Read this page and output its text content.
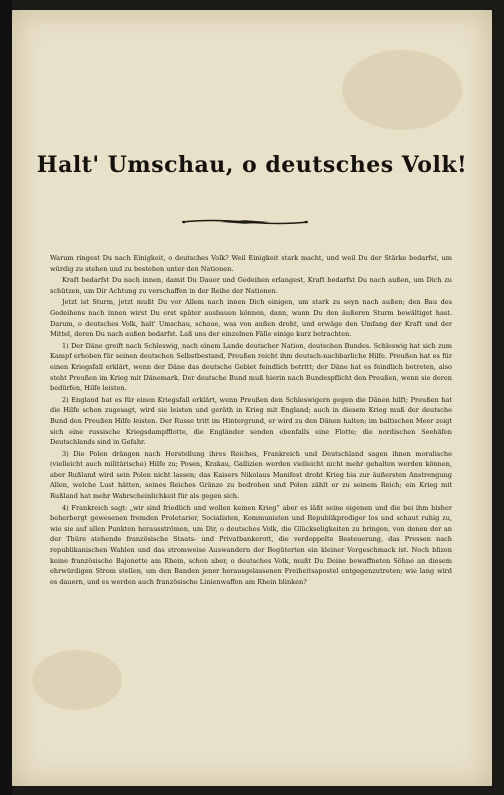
Halt' Umschau, o deutsches Volk!

Warum ringest Du nach Einigkeit, o deutsches Volk? Weil Einigkeit stark macht, und weil Du der Stärke bedarfst, um würdig zu stehen und zu bestehen unter den Nationen.

Kraft bedarfst Du nach innen, damit Du Dauer und Gedeihen erlangest, Kraft bedarfst Du nach außen, um Dich zu schützen, um Dir Achtung zu verschaffen in der Reihe der Nationen.

Jetzt ist Sturm, jetzt mußt Du vor Allem nach innen Dich einigen, um stark zu seyn nach außen; den Bau des Gedeihens nach innen wirst Du erst später ausbauen können, dann, wann Du den äußeren Sturm bewältiget hast. Darum, o deutsches Volk, halt' Umschau, schaue, was von außen droht, und erwäge den Umfang der Kraft und der Mittel, deren Du nach außen bedarfst. Laß uns der einzelnen Fälle einige kurz betrachten.

1) Der Däne greift nach Schleswig, nach einem Lande deutscher Nation, deutschen Bundes. Schleswig hat sich zum Kampf erhoben für seinen deutschen Selbstbestand, Preußen reicht ihm deutsch-nachbarliche Hilfe. Preußen hat es für einen Kriegsfall erklärt, wenn der Däne das deutsche Gebiet feindlich betritt; der Däne hat es feindlich betreten, also steht Preußen im Krieg mit Dänemark. Der deutsche Bund muß hierin nach Bundespflicht den Preußen, wenn sie deren bedürfen, Hilfe leisten.

2) England hat es für einen Kriegsfall erklärt, wenn Preußen den Schleswigern gegen die Dänen hilft; Preußen hat die Hilfe schon zugesagt, wird sie leisten und geräth in Krieg mit England; auch in diesem Krieg muß der deutsche Bund den Preußen Hilfe leisten. Der Russe tritt im Hintergrund, er wird zu den Dänen halten; im baltischen Meer zeigt sich eine russische Kriegsdampfflotte, die Engländer senden ebenfalls eine Flotte; die nordischen Seehäfen Deutschlands sind in Gefahr.

3) Die Polen drängen nach Herstellung ihres Reiches, Frankreich und Deutschland sagen ihnen moralische (vielleicht auch militärische) Hilfe zu; Posen, Krakau, Gallizien werden vielleicht nicht mehr gehalten werden können, aber Rußland wird sein Polen nicht lassen; das Kaisers Nikolaus Manifest droht Krieg bis zur äußersten Anstrengung Allen, welche Lust hätten, seines Reiches Gränze zu bedrohen und Polen zählt er zu seinem Reich; ein Krieg mit Rußland hat mehr Wahrscheinlichkeit für als gegen sich.

4) Frankreich sagt: „wir sind friedlich und wollen keinen Krieg“ aber es läßt seine eigenen und die bei ihm bisher beherbergt gewesenen fremden Proletarier, Socialisten, Kommunisten und Republikprediger los und schaut ruhig zu, wie sie auf allen Punkten herausströmen, um Dir, o deutsches Volk, die Glückseligkeiten zu bringen, von denen der an der Thüre stehende französische Staats- und Privatbankerott, die verdoppelte Besteuerung, das Pressen nach republikanischen Wahlen und das stromweise Auswandern der Begüterten ein kleiner Vorgeschmack ist. Noch blizen keine französische Bajonette am Rhein, schon aber, o deutsches Volk, mußt Du Deine bewaffneten Söhne an diesem ehrwürdigen Strom stellen, um den Banden jener herausgelassenen Freiheitsapostel entgegenzutreten; wie lang wird es dauern, und es werden auch französische Linienwaffen am Rhein blinken?
